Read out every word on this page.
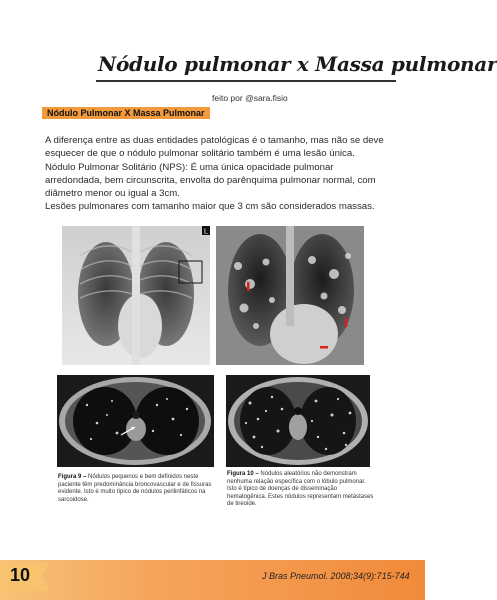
Nódulo pulmonar x Massa pulmonar
feito por @sara.fisio
Nódulo Pulmonar X Massa Pulmonar

A diferença entre as duas entidades patológicas é o tamanho, mas não se deve esquecer de que o nódulo pulmonar solitário também é uma lesão única.

Nódulo Pulmonar Solitário (NPS): É uma única opacidade pulmonar arredondada, bem circunscrita, envolta do parênquima pulmonar normal, com diâmetro menor ou igual a 3cm.

Lesões pulmonares com tamanho maior que 3 cm são considerados massas.

L
Figura 9 – Nódulos pequenos e bem definidos neste paciente têm predominância broncovascular e de fissuras evidente. Isto é muito típico de nódulos perilinfáticos na sarcoidose.
Figura 10 – Nódulos aleatórios não demonstram nenhuma relação específica com o lóbulo pulmonar. Isto é típico de doenças de disseminação hematogênica. Estes nódulos representam metástases de tireoide.
10	J Bras Pneumol. 2008;34(9):715-744
